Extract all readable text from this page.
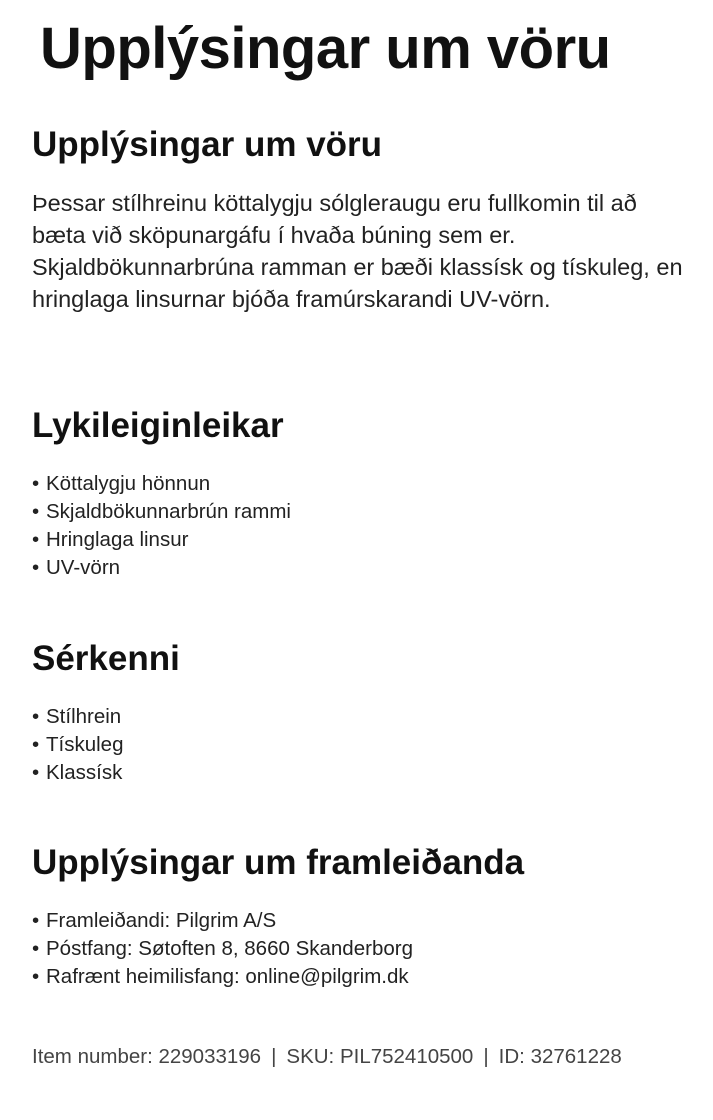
Upplýsingar um vöru
Upplýsingar um vöru

Þessar stílhreinu köttalygju sólgleraugu eru fullkomin til að bæta við sköpunargáfu í hvaða búning sem er. Skjaldbökunnarbrúna ramman er bæði klassísk og tískuleg, en hringlaga linsurnar bjóða framúrskarandi UV-vörn.

Lykileiginleikar
• Köttalygju hönnun
• Skjaldbökunnarbrún rammi
• Hringlaga linsur
• UV-vörn
Sérkenni
• Stílhrein
• Tískuleg
• Klassísk
Upplýsingar um framleiðanda
• Framleiðandi: Pilgrim A/S
• Póstfang: Søtoften 8, 8660 Skanderborg
• Rafrænt heimilisfang: online@pilgrim.dk
Item number: 229033196 | SKU: PIL752410500 | ID: 32761228
